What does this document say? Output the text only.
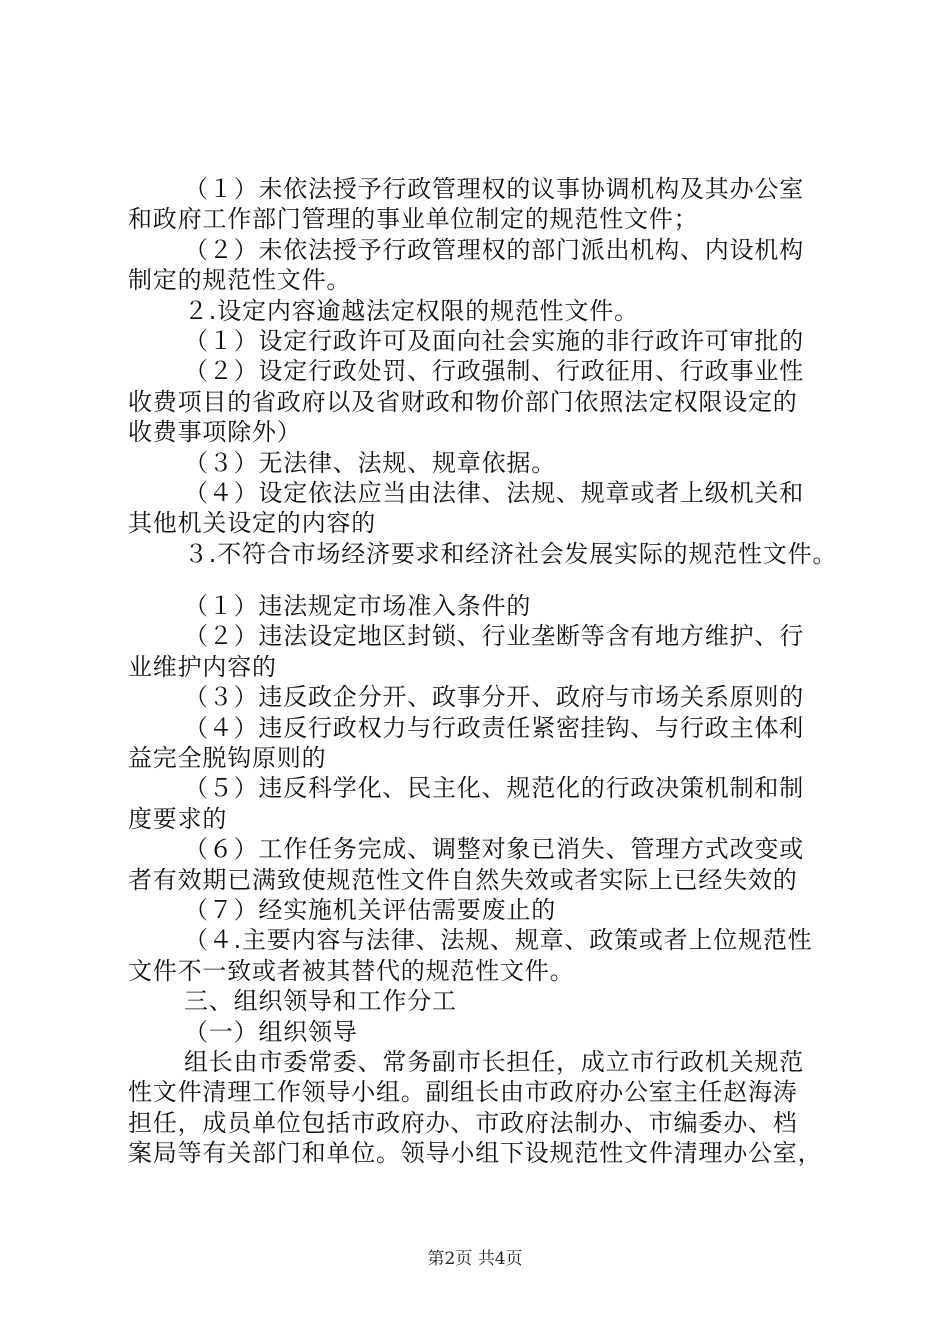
（１）未依法授予行政管理权的议事协调机构及其办公室
和政府工作部门管理的事业单位制定的规范性文件；
（２）未依法授予行政管理权的部门派出机构、内设机构
制定的规范性文件。
２.设定内容逾越法定权限的规范性文件。
（１）设定行政许可及面向社会实施的非行政许可审批的
（２）设定行政处罚、行政强制、行政征用、行政事业性
收费项目的省政府以及省财政和物价部门依照法定权限设定的
收费事项除外）
（３）无法律、法规、规章依据。
（４）设定依法应当由法律、法规、规章或者上级机关和
其他机关设定的内容的
３.不符合市场经济要求和经济社会发展实际的规范性文件。
（１）违法规定市场准入条件的
（２）违法设定地区封锁、行业垄断等含有地方维护、行
业维护内容的
（３）违反政企分开、政事分开、政府与市场关系原则的
（４）违反行政权力与行政责任紧密挂钩、与行政主体利
益完全脱钩原则的
（５）违反科学化、民主化、规范化的行政决策机制和制
度要求的
（６）工作任务完成、调整对象已消失、管理方式改变或
者有效期已满致使规范性文件自然失效或者实际上已经失效的
（７）经实施机关评估需要废止的
（４.主要内容与法律、法规、规章、政策或者上位规范性
文件不一致或者被其替代的规范性文件。
三、组织领导和工作分工
（一）组织领导
组长由市委常委、常务副市长担任，成立市行政机关规范
性文件清理工作领导小组。副组长由市政府办公室主任赵海涛
担任，成员单位包括市政府办、市政府法制办、市编委办、档
案局等有关部门和单位。领导小组下设规范性文件清理办公室，
第2页 共4页
